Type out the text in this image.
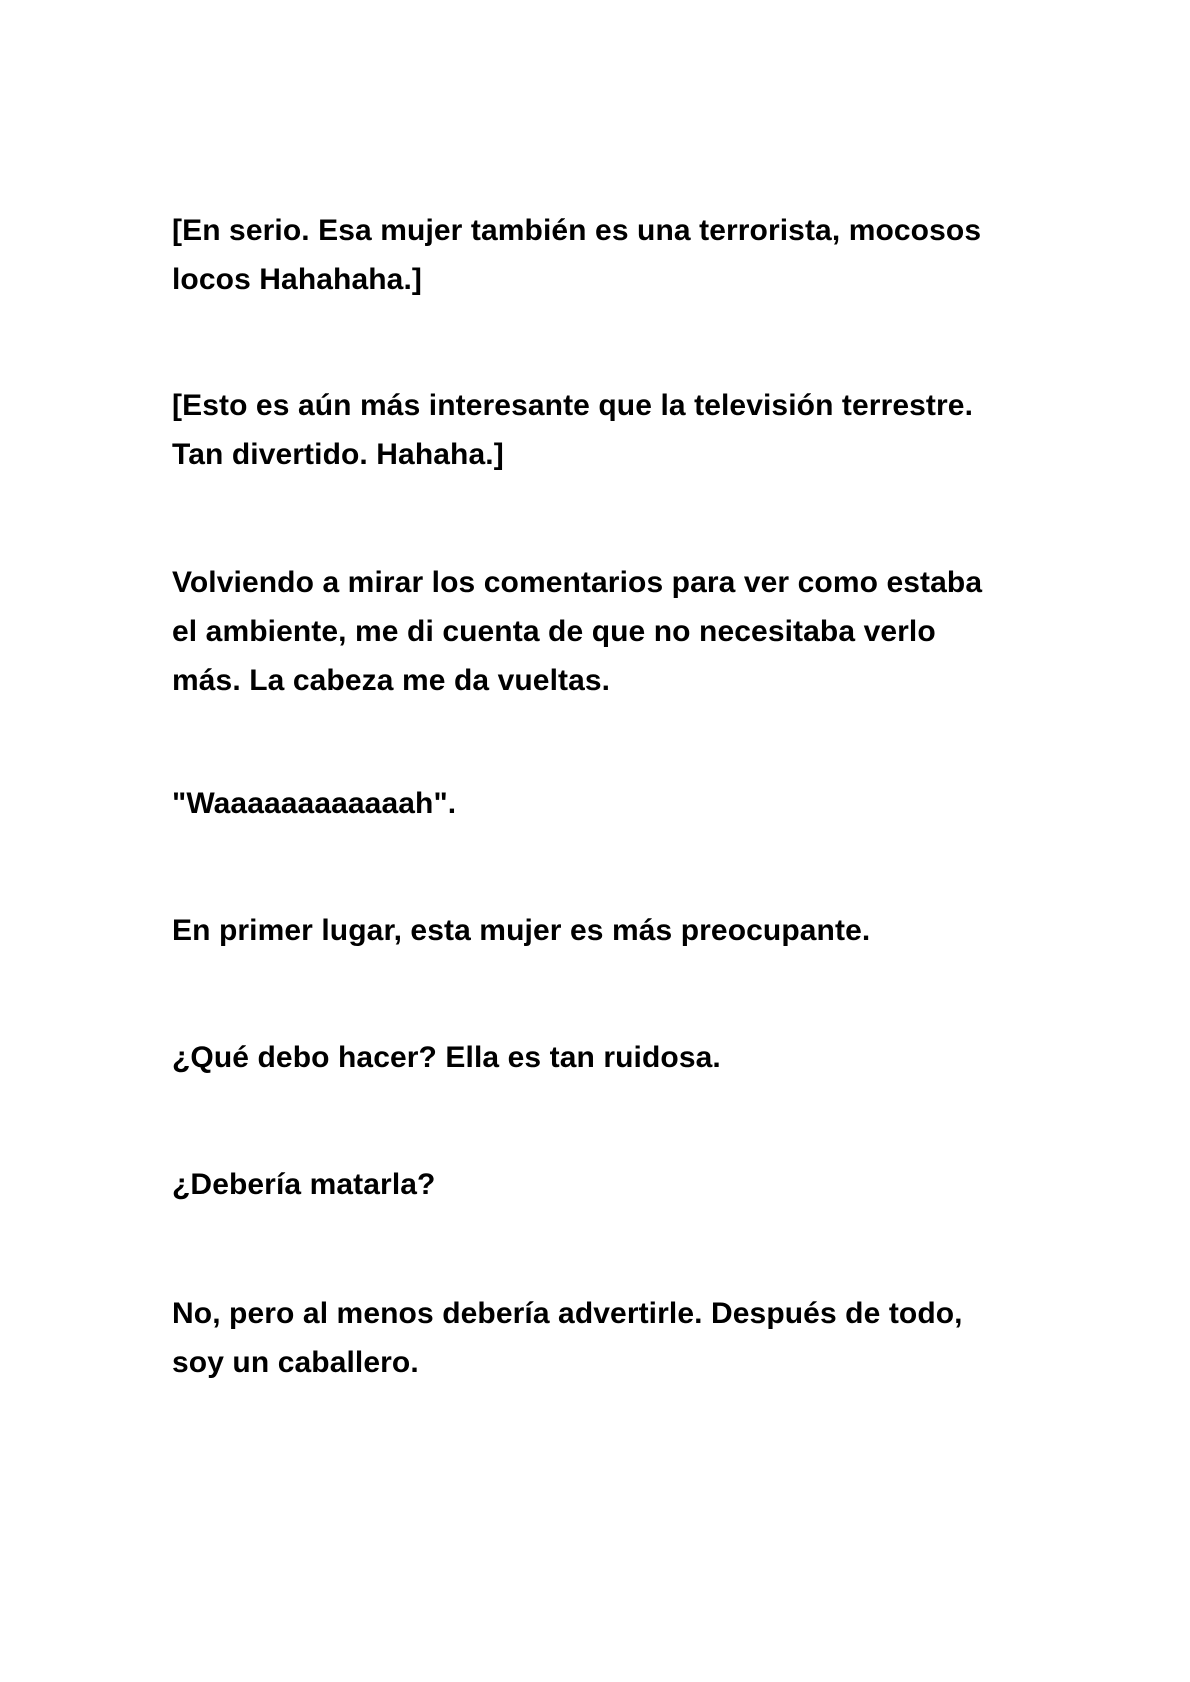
[En serio. Esa mujer también es una terrorista, mocosos
locos Hahahaha.]

[Esto es aún más interesante que la televisión terrestre.
Tan divertido. Hahaha.]

Volviendo a mirar los comentarios para ver como estaba
el ambiente, me di cuenta de que no necesitaba verlo
más. La cabeza me da vueltas.

"Waaaaaaaaaaaah".

En primer lugar, esta mujer es más preocupante.

¿Qué debo hacer? Ella es tan ruidosa.

¿Debería matarla?

No, pero al menos debería advertirle. Después de todo,
soy un caballero.
